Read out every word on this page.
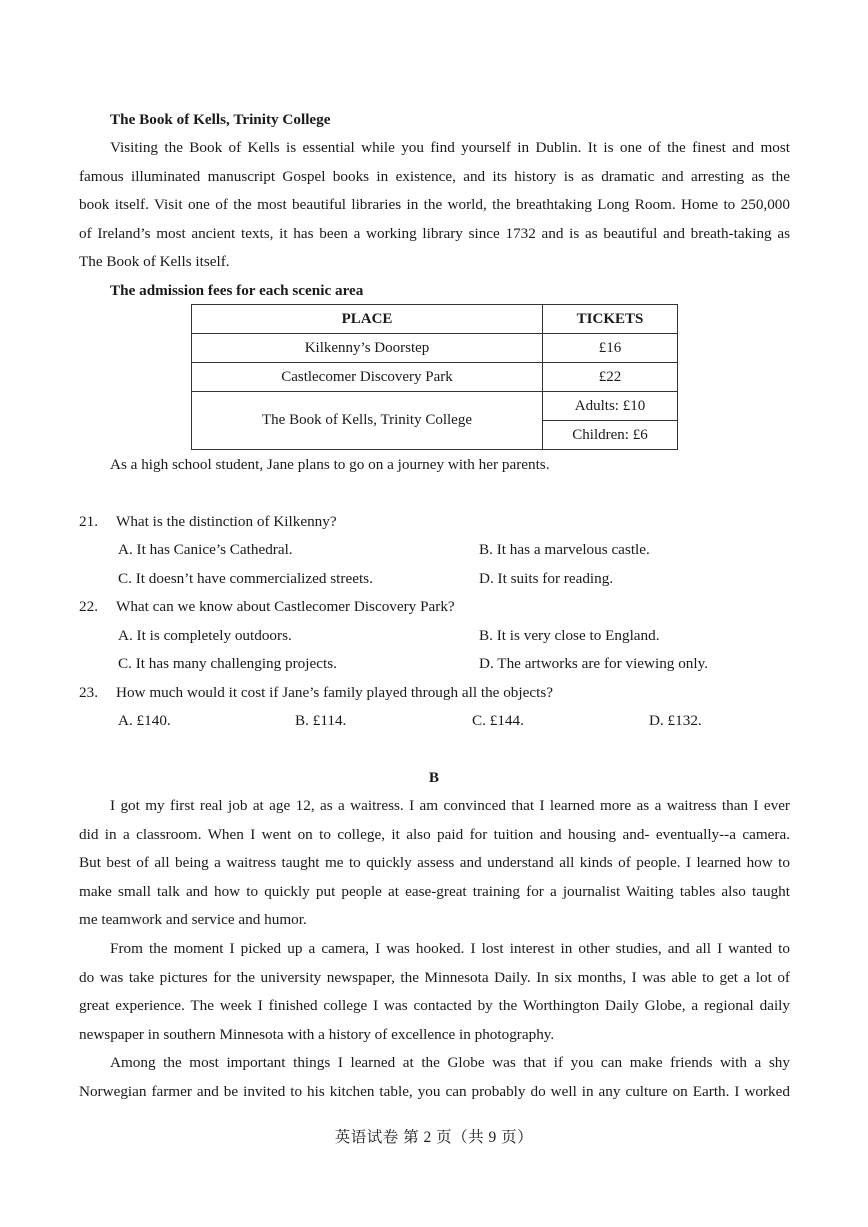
The Book of Kells, Trinity College
Visiting the Book of Kells is essential while you find yourself in Dublin. It is one of the finest and most
famous illuminated manuscript Gospel books in existence, and its history is as dramatic and arresting as the
book itself. Visit one of the most beautiful libraries in the world, the breathtaking Long Room. Home to 250,000
of Ireland’s most ancient texts, it has been a working library since 1732 and is as beautiful and breath-taking as
The Book of Kells itself.
The admission fees for each scenic area
PLACE	TICKETS
Kilkenny’s Doorstep	£16
Castlecomer Discovery Park	£22
The Book of Kells, Trinity College	Adults: £10
	Children: £6
As a high school student, Jane plans to go on a journey with her parents.
21. What is the distinction of Kilkenny?
A. It has Canice’s Cathedral.	B. It has a marvelous castle.
C. It doesn’t have commercialized streets.	D. It suits for reading.
22. What can we know about Castlecomer Discovery Park?
A. It is completely outdoors.	B. It is very close to England.
C. It has many challenging projects.	D. The artworks are for viewing only.
23. How much would it cost if Jane’s family played through all the objects?
A. £140.	B. £114.	C. £144.	D. £132.
B
I got my first real job at age 12, as a waitress. I am convinced that I learned more as a waitress than I ever
did in a classroom. When I went on to college, it also paid for tuition and housing and- eventually--a camera.
But best of all being a waitress taught me to quickly assess and understand all kinds of people. I learned how to
make small talk and how to quickly put people at ease-great training for a journalist Waiting tables also taught
me teamwork and service and humor.
From the moment I picked up a camera, I was hooked. I lost interest in other studies, and all I wanted to
do was take pictures for the university newspaper, the Minnesota Daily. In six months, I was able to get a lot of
great experience. The week I finished college I was contacted by the Worthington Daily Globe, a regional daily
newspaper in southern Minnesota with a history of excellence in photography.
Among the most important things I learned at the Globe was that if you can make friends with a shy
Norwegian farmer and be invited to his kitchen table, you can probably do well in any culture on Earth. I worked
英语试卷 第 2 页（共 9 页）
